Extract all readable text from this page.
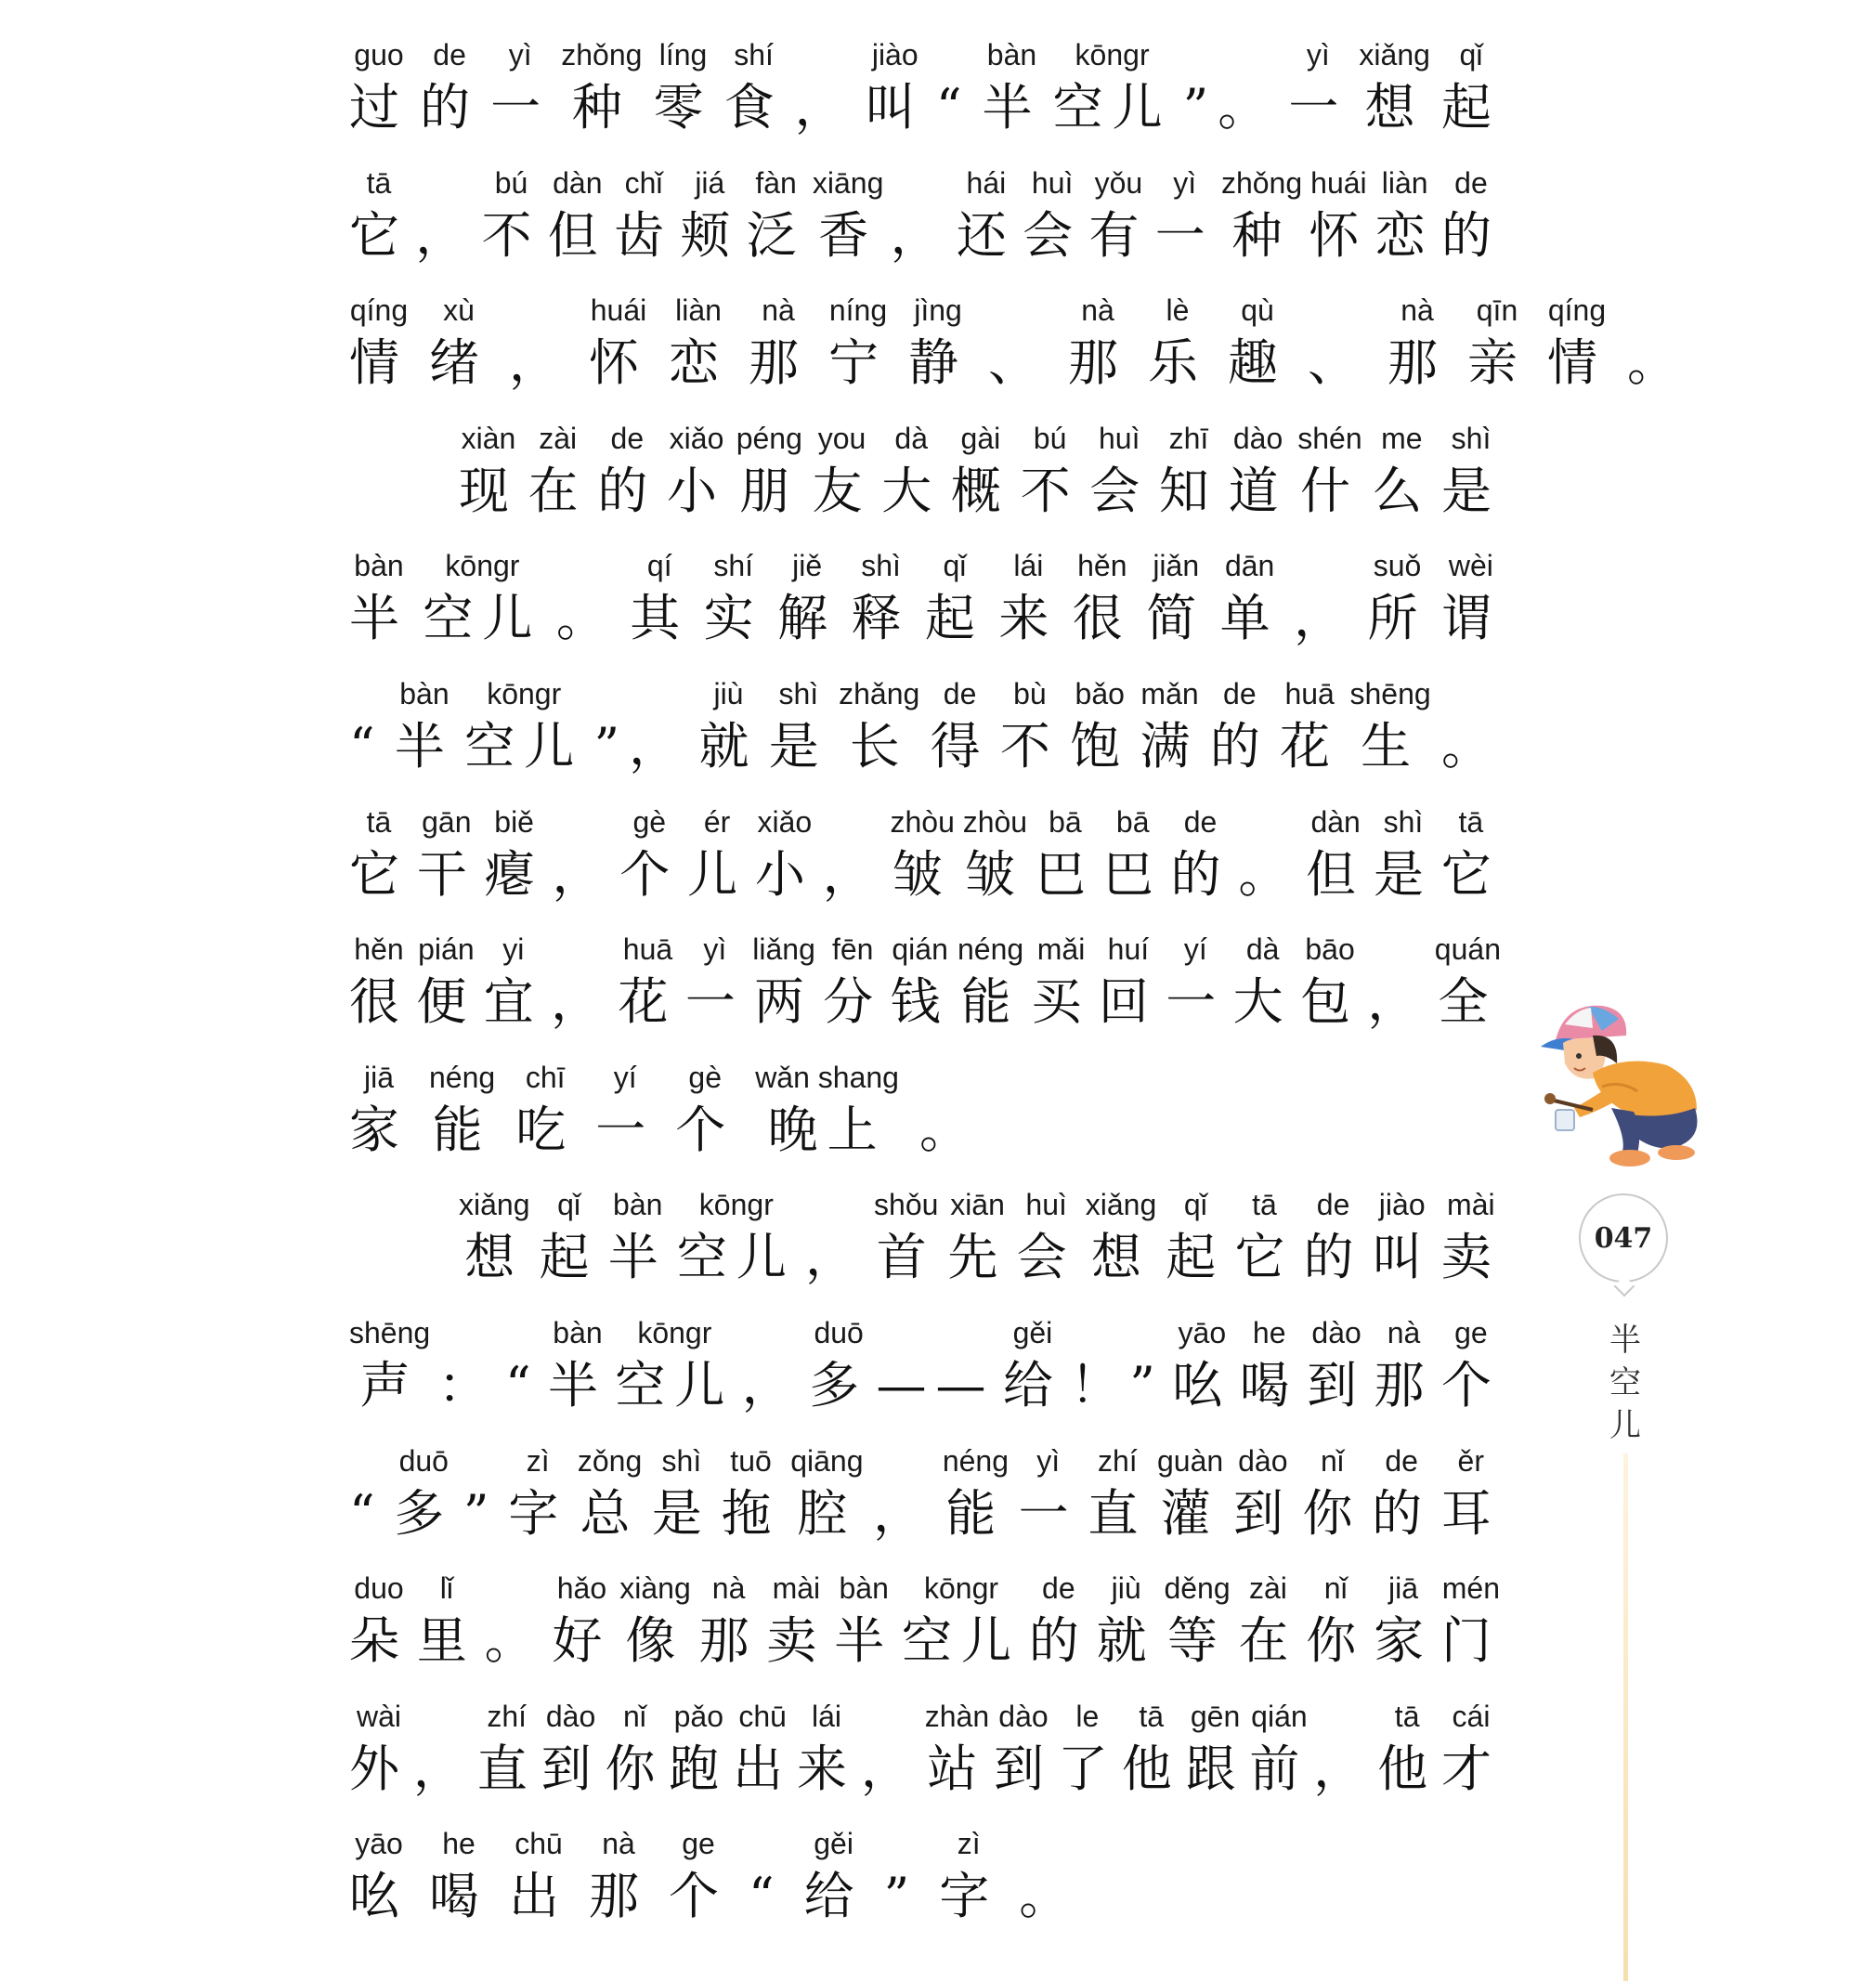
guo
过
de
的
yì
一
zhǒng
种
líng
零
shí
食 ，
jiào
叫 “
bàn
半
kōngr
空儿 ”。
yì
一
xiǎng
想
qǐ
起
tā
它 ，
bú
不
dàn
但
chǐ
齿
jiá
颊
fàn
泛
xiāng
香 ，
hái
还
huì
会
yǒu
有
yì
一
zhǒng
种
huái
怀
liàn
恋
de
的
qíng
情
xù
绪 ，
huái
怀
liàn
恋
nà
那
níng
宁
jìng
静 、
nà
那
lè
乐
qù
趣 、
nà
那
qīn
亲
qíng
情 。
xiàn
现
zài
在
de
的
xiǎo
小
péng
朋
you
友
dà
大
gài
概
bú
不
huì
会
zhī
知
dào
道
shén
什
me
么
shì
是
bàn
半
kōngr
空儿 。
qí
其
shí
实
jiě
解
shì
释
qǐ
起
lái
来
hěn
很
jiǎn
简
dān
单 ，
suǒ
所
wèi
谓
“
bàn
半
kōngr
空儿 ”，
jiù
就
shì
是
zhǎng
长
de
得
bù
不
bǎo
饱
mǎn
满
de
的
huā
花
shēng
生 。
tā
它
gān
干
biě
瘪 ，
gè
个
ér
儿
xiǎo
小 ，
zhòu
皱
zhòu
皱
bā
巴
bā
巴
de
的 。
dàn
但
shì
是
tā
它
hěn
很
pián
便
yi
宜 ，
huā
花
yì
一
liǎng
两
fēn
分
qián
钱
néng
能
mǎi
买
huí
回
yí
一
dà
大
bāo
包 ，
quán
全
jiā
家
néng
能
chī
吃
yí
一
gè
个
wǎn shang
晚上 。
xiǎng
想
qǐ
起
bàn
半
kōngr
空儿 ，
shǒu
首
xiān
先
huì
会
xiǎng
想
qǐ
起
tā
它
de
的
jiào
叫
mài
卖
shēng
声 ： “
bàn
半
kōngr
空儿 ，
duō
多 ——
gěi
给 ！”
yāo
吆
he
喝
dào
到
nà
那
ge
个
“
duō
多 ”
zì
字
zǒng
总
shì
是
tuō
拖
qiāng
腔 ，
néng
能
yì
一
zhí
直
guàn
灌
dào
到
nǐ
你
de
的
ěr
耳
duo
朵
lǐ
里 。
hǎo
好
xiàng
像
nà
那
mài
卖
bàn
半
kōngr
空儿
de
的
jiù
就
děng
等
zài
在
nǐ
你
jiā
家
mén
门
wài
外 ，
zhí
直
dào
到
nǐ
你
pǎo
跑
chū
出
lái
来 ，
zhàn
站
dào
到
le
了
tā
他
gēn
跟
qián
前 ，
tā
他
cái
才
yāo
吆
he
喝
chū
出
nà
那
ge
个 “
gěi
给 ”
zì
字 。
047
半
空
儿
